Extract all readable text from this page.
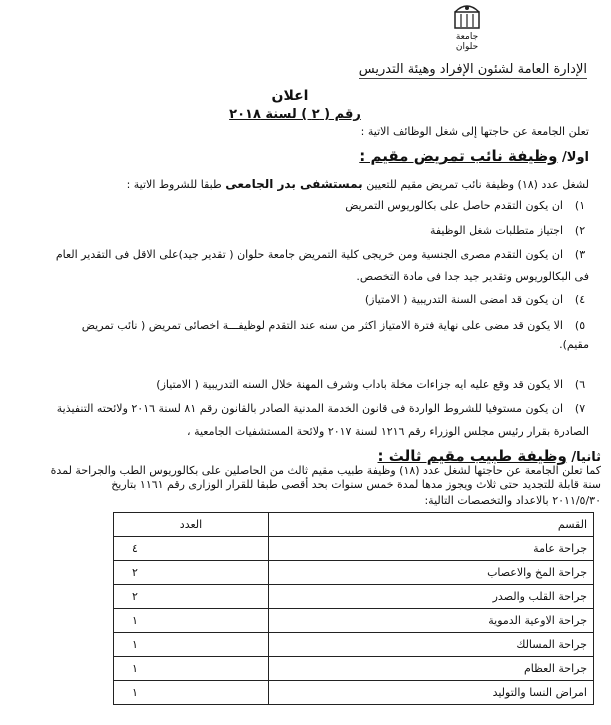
جامعة حلوان
الإدارة العامة لشئون الإفراد وهيئة التدريس
اعلان
رقم ( ٢ ) لسنة ٢٠١٨
تعلن الجامعة عن حاجتها إلى شغل الوظائف الاتية :
اولا/ وظيفة نائب تمريض مقيم :
لشغل عدد (١٨) وظيفة نائب تمريض مقيم للتعيين بمستشفى بدر الجامعى طبقا للشروط الاتية :
١)
ان يكون التقدم حاصل على بكالوريوس التمريض
٢)
اجتياز متطلبات شغل الوظيفة
٣)
ان يكون التقدم مصرى الجنسية ومن خريجى كلية التمريض جامعة حلوان ( تقدير جيد)على الاقل فى التقدير العام
فى البكالوريوس وتقدير جيد جدا فى مادة التخصص.
٤)
ان يكون قد امضى السنة التدريبية ( الامتياز)
٥)
الا يكون قد مضى على نهاية فترة الامتياز اكثر من سنه عند التقدم لوظيفـــة اخصائى تمريض ( نائب تمريض
مقيم).
٦)
الا يكون قد وقع عليه ايه جزاءات مخلة باداب وشرف المهنة خلال السنه التدريبية ( الامتياز)
٧)
ان يكون مستوفيا للشروط الواردة فى قانون الخدمة المدنية الصادر بالقانون رقم ٨١ لسنة ٢٠١٦ ولائحته التنفيذية
الصادرة بقرار رئيس مجلس الوزراء رقم ١٢١٦ لسنة ٢٠١٧ ولائحة المستشفيات الجامعية ،
ثانيا/ وظيفة طبيب مقيم ثالث :
كما تعلن الجامعة عن حاجتها لشغل عدد (١٨) وظيفة طبيب مقيم ثالث من الحاصلين على بكالوريوس الطب والجراحة لمدة
سنة قابلة للتجديد حتى ثلاث ويجوز مدها لمدة خمس سنوات بحد أقصى طبقا للقرار الوزارى رقم ١١٦١ بتاريخ
القسم	العدد
جراحة عامة	٤
جراحة المخ والاعصاب	٢
جراحة القلب والصدر	٢
جراحة الاوعية الدموية	١
جراحة المسالك	١
جراحة العظام	١
امراض النسا والتوليد	١
٢٠١١/٥/٣٠ بالاعداد والتخصصات التالية:
